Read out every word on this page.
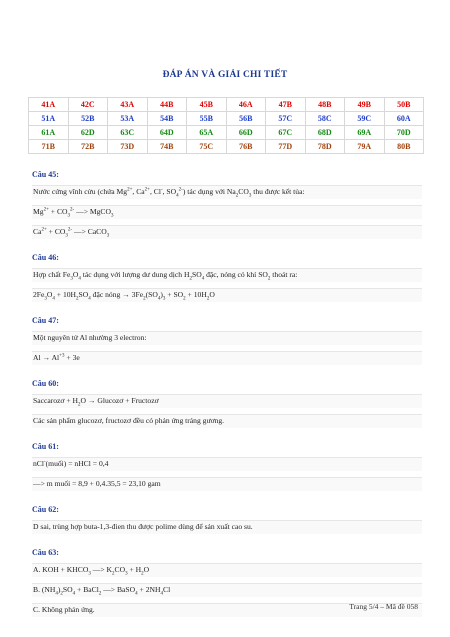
ĐÁP ÁN VÀ GIẢI CHI TIẾT
41A	42C	43A	44B	45B	46A	47B	48B	49B	50B
51A	52B	53A	54B	55B	56B	57C	58C	59C	60A
61A	62D	63C	64D	65A	66D	67C	68D	69A	70D
71B	72B	73D	74B	75C	76B	77D	78D	79A	80B
Câu 45:
Nước cứng vĩnh cửu (chứa $Mg^{2+}$, $Ca^{2+}$, Cl-, $SO_4^{2-}$) tác dụng với $Na_2CO_3$ thu được kết tủa:
$Mg^{2+} + CO_3^{2-}$ —> MgCO$_3$
$Ca^{2+} + CO_3^{2-}$ —> CaCO$_3$
Câu 46:
Hợp chất $Fe_3O_4$ tác dụng với lượng dư dung dịch $H_2SO_4$ đặc, nóng có khí $SO_2$ thoát ra:
$2Fe_3O_4 + 10H_2SO_4$ đặc nóng → $3Fe_2(SO_4)_3 + SO_2 + 10H_2O$
Câu 47:
Một nguyên tử Al nhường 3 electron:
$Al \to Al^{+3} + 3e$
Câu 60:
Saccarozơ + $H_2O$ → Glucozơ + Fructozơ
Các sản phẩm glucozơ, fructozơ đều có phản ứng tráng gương.
Câu 61:
nCl-(muối) = nHCl = 0,4
—> m muối = 8,9 + 0,4.35,5 = 23,10 gam
Câu 62:
D sai, trùng hợp buta-1,3-đien thu được polime dùng để sản xuất cao su.
Câu 63:
A. KOH + $KHCO_3$ —> $K_2CO_3 + H_2O$
B. $(NH_4)_2SO_4$ + BaCl$_2$ —> BaSO$_4$ + $2NH_4Cl$
C. Không phản ứng.	Trang 5/4 – Mã đề 058
